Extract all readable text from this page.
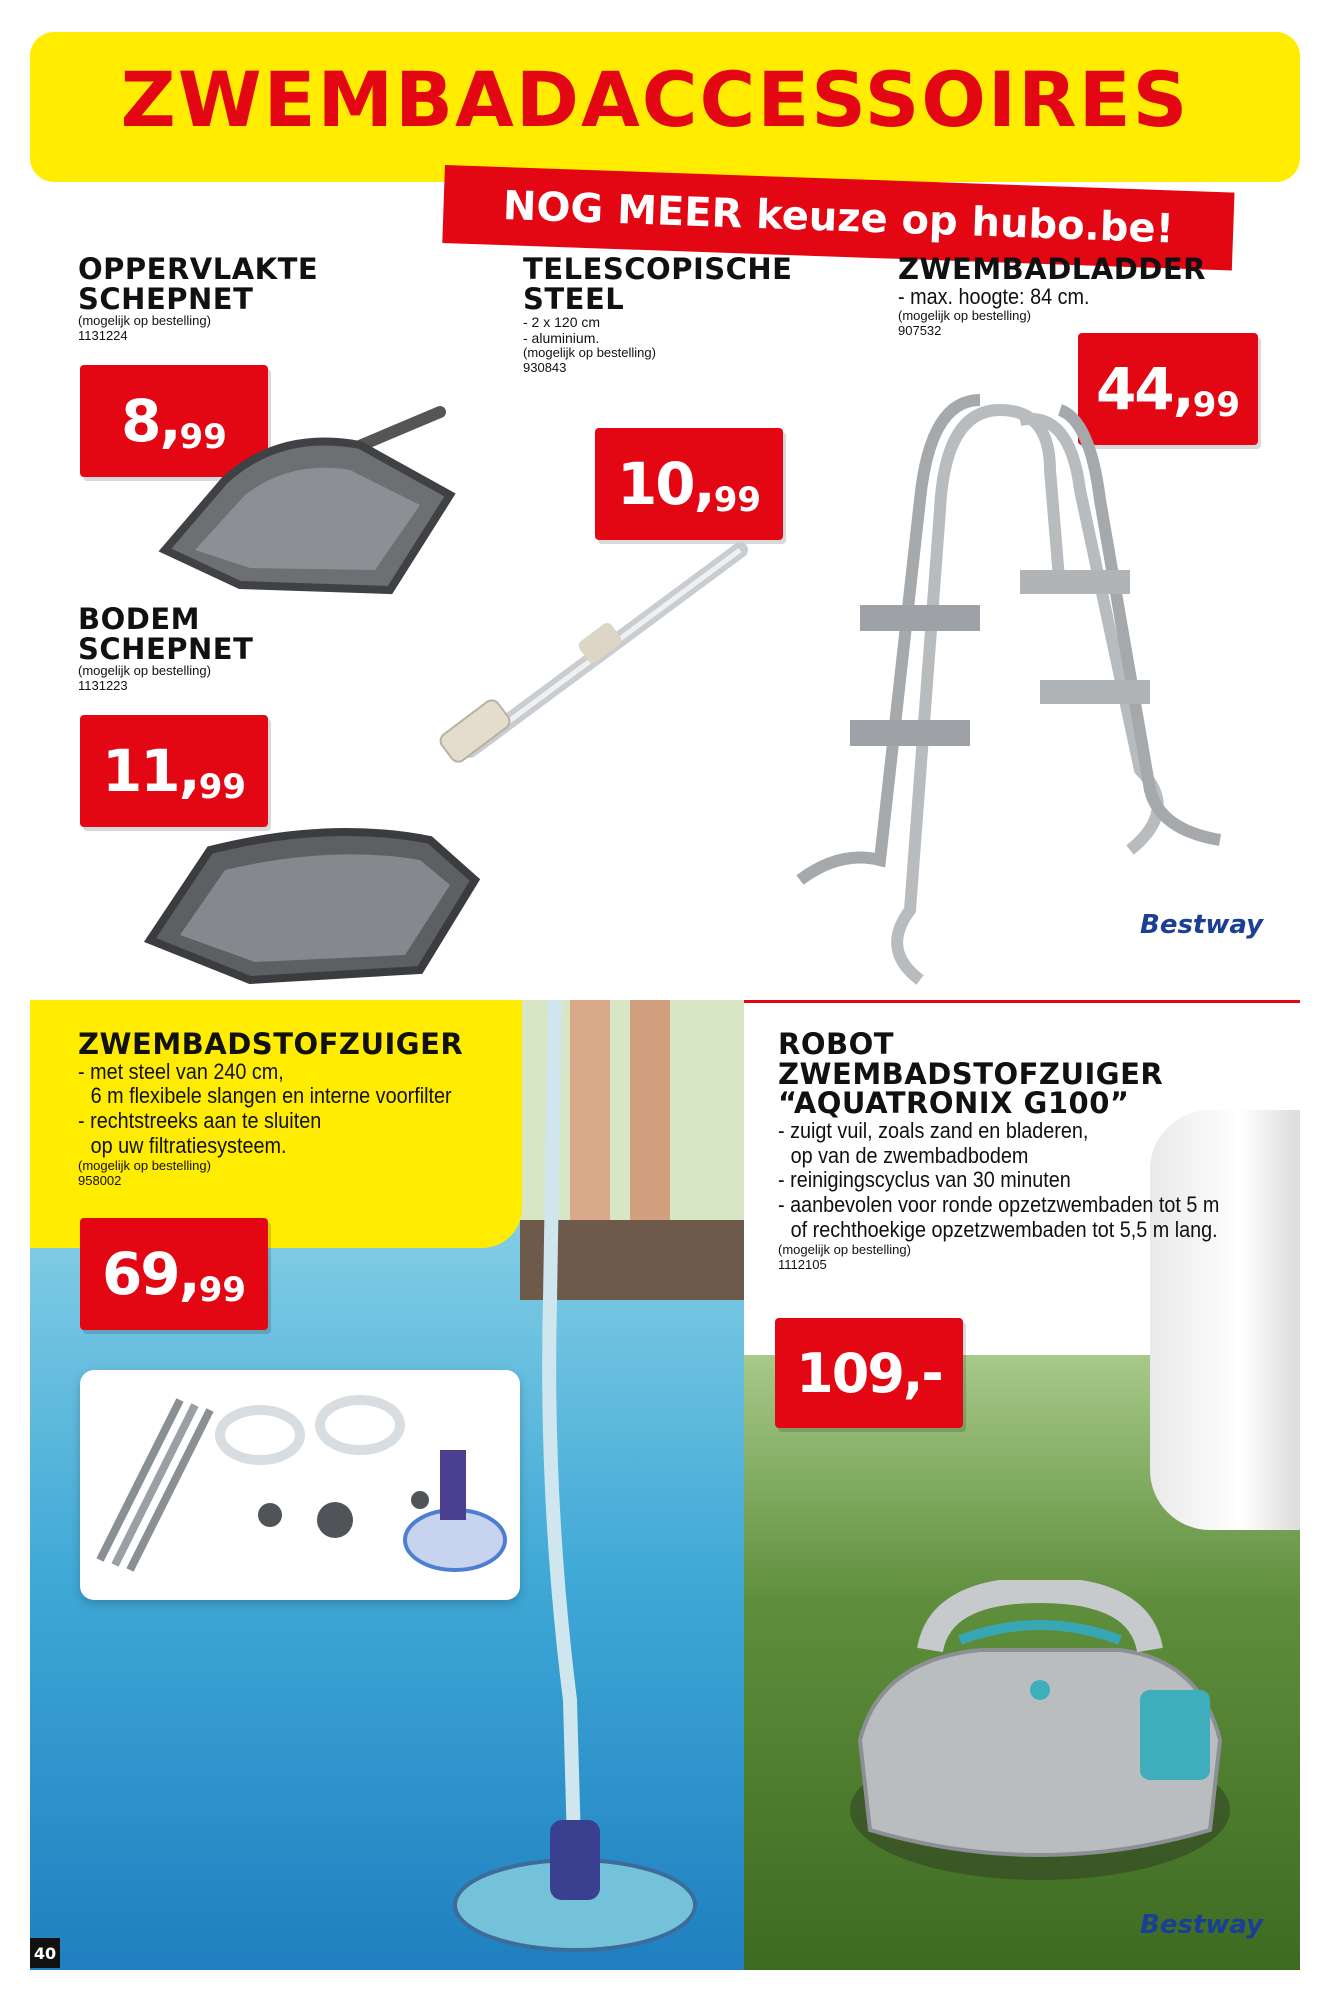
ZWEMBADACCESSOIRES
NOG MEER keuze op hubo.be!
OPPERVLAKTE
SCHEPNET
(mogelijk op bestelling)
1131224
8, 99
BODEM
SCHEPNET
(mogelijk op bestelling)
1131223
11, 99
TELESCOPISCHE
STEEL
- 2 x 120 cm
- aluminium.
(mogelijk op bestelling)
930843
10, 99
ZWEMBADLADDER
- max. hoogte: 84 cm.
(mogelijk op bestelling)
907532
44, 99
Bestway
ZWEMBADSTOFZUIGER
- met steel van 240 cm,
6 m flexibele slangen en interne voorfilter
- rechtstreeks aan te sluiten
op uw filtratiesysteem.
(mogelijk op bestelling)
958002
69, 99
40
ROBOT
ZWEMBADSTOFZUIGER
“AQUATRONIX G100”
- zuigt vuil, zoals zand en bladeren,
op van de zwembadbodem
- reinigingscyclus van 30 minuten
- aanbevolen voor ronde opzetzwembaden tot 5 m
of rechthoekige opzetzwembaden tot 5,5 m lang.
(mogelijk op bestelling)
1112105
109,-
Bestway
